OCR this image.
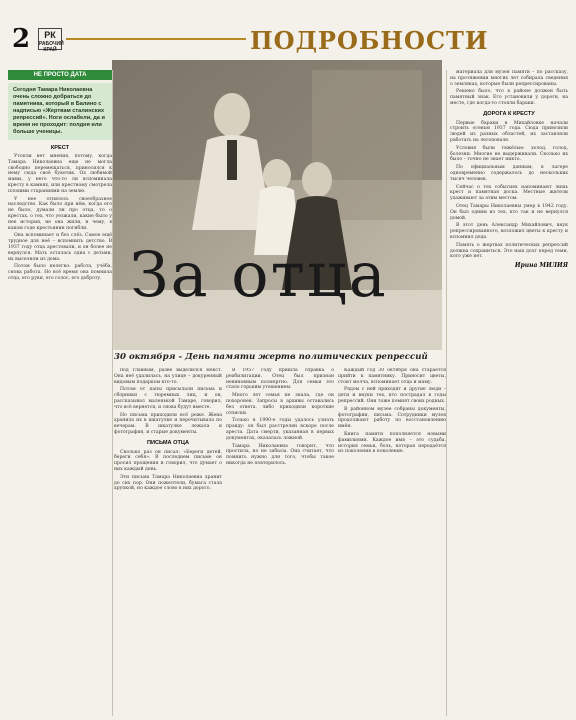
2	РК
РАБОЧИЙ КРАЙ	ПОДРОБНОСТИ
НЕ ПРОСТО ДАТА
Сегодня Тамара Николаевна очень сложно добраться до памятника, который в Балино с надписью «Жертвам сталинских репрессий». Ноги ослабели, да и время не проходит: полдня или больше ученицы.
КРЕСТ

Утопли нет мнения, потому, когда Тамара Николаевна еще не могла свободно перемещаться, приносился к нему сюда своё букетик. Ох любимой мамы, у него что-то ли вспоминала кресту в камнях, или крестному смотрела плохими стараниями на землю.

У нее отнялось своеобразное наследство. Как было при нём, когда его не было, думали ли про отца, то о крестах, о тех, что уезжали, какие было у нее история, не она жили, и чему, в каком годе крестьянин погибли.

Она вспоминает и без слёз. Самое ещё трудное для неё – вспомнить детство. В 1937 году отца арестовали, и он более не вернулся. Мать осталась одна с детьми, их выселили из дома.

Потом было нелегко: работа, учёба, снова работа. Но всё время она помнила отца, его руки, его голос, его доброту. За отца
30 октября - День памяти жертв политических репрессий

под главным, разве выделился мекст. Она неё удалилась, на улице – докуренный видовым подарком кто-то.

Потом от папы присылали письма и сборники с тюремных лиц, и он, рассказывал маленькой Тамаре, говорил, что всё вернется, и снова будут вместе.

Но письма приходили всё реже. Жена хранила их в шкатулке и перечитывала по вечерам. В шкатулке лежала и фотография, и старые документы.

ПИСЬМА ОТЦА

Сколько раз он писал: «Береги детей, береги себя». В последнем письме он просил прощения и говорил, что думает о них каждый день.

Эти письма Тамара Николаевна хранит до сих пор. Они пожелтели, бумага стала хрупкой, но каждое слово в них дорого.

В 1957 году пришла справка о реабилитации. Отец был признан невиновным посмертно. Для семьи это стало горьким утешением.

Много лет семья не знала, где он похоронен. Запросы в архивы оставались без ответа, либо приходили короткие отписки.

Только в 1990-е годы удалось узнать правду: он был расстрелян вскоре после ареста. Дата смерти, указанная в первых документах, оказалась ложной.

Тамара Николаевна говорит, что простила, но не забыла. Она считает, что помнить нужно для того, чтобы такое никогда не повторилось.

Каждый год 30 октября она старается прийти к памятнику. Приносит цветы, стоит молча, вспоминает отца и маму.

Рядом с ней приходят и другие люди – дети и внуки тех, кто пострадал в годы репрессий. Они тоже помнят своих родных.

В районном музее собраны документы, фотографии, письма. Сотрудники музея продолжают работу по восстановлению имён.

Книга памяти пополняется новыми фамилиями. Каждое имя – это судьба, история семьи, боль, которая передаётся из поколения в поколение.

материала для музея памяти – по рассказу, на протяжении многих лет собирала сведения о земляках, которые были репрессированы.

Решено было, что в районе должен быть памятный знак. Его установили у дороги, на месте, где когда-то стояли бараки.

ДОРОГА К КРЕСТУ

Первые бараки в Михайловке начали строить осенью 1937 года. Сюда привозили людей из разных областей, их заставляли работать на лесоповале.

Условия были тяжёлые: холод, голод, болезни. Многие не выдерживали. Сколько их было – точно не знает никто.

По официальным данным, в лагере одновременно содержалось до нескольких тысяч человек.

Сейчас о тех событиях напоминают лишь крест и памятная доска. Местные жители ухаживают за этим местом.

Отец Тамары Николаевны умер в 1942 году. Он был одним из тех, кто так и не вернулся домой.

В этот день Александр Михайлович, внук репрессированного, возложил цветы к кресту и вспомнил деда.

Память о жертвах политических репрессий должна сохраниться. Это наш долг перед теми, кого уже нет.

Ирина МИЛИЯ
